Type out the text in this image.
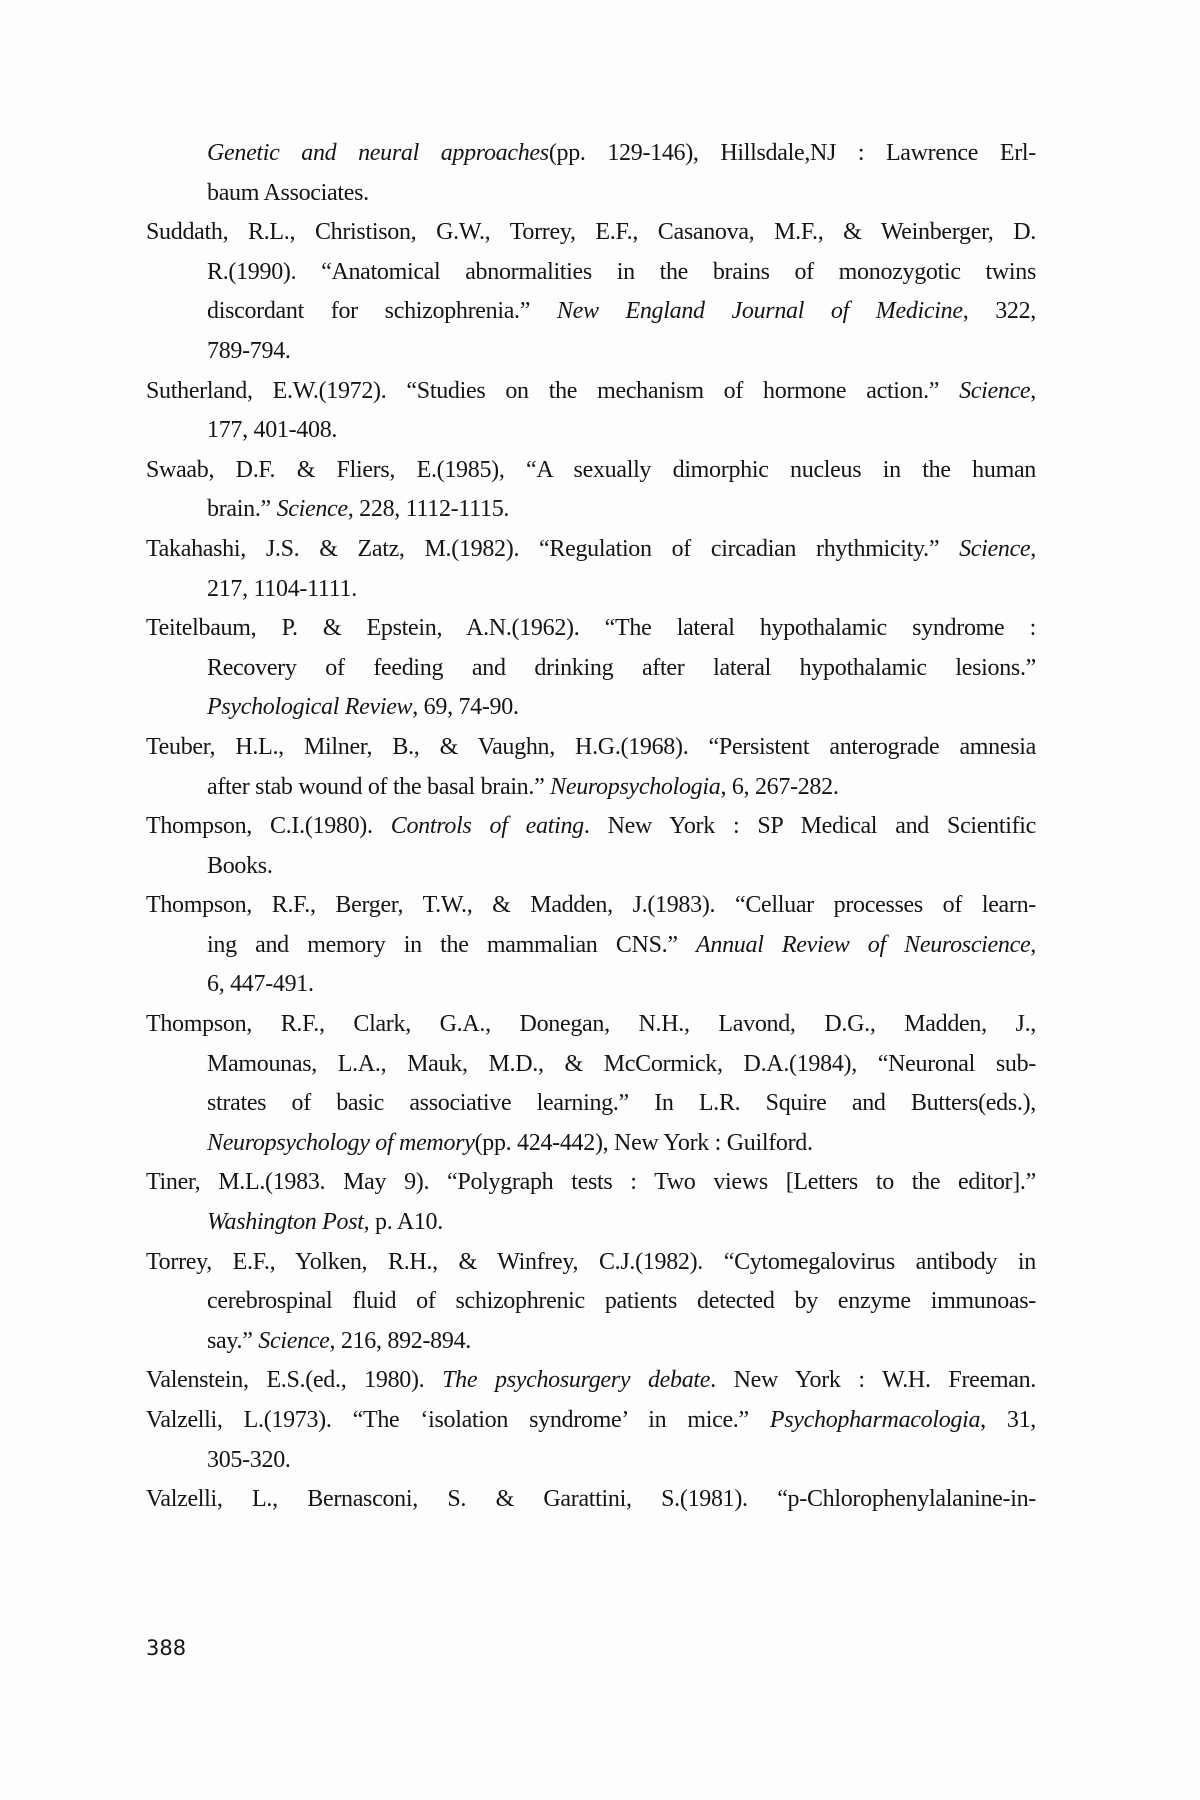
Genetic and neural approaches(pp. 129-146), Hillsdale,NJ : Lawrence Erl-
baum Associates.
Suddath, R.L., Christison, G.W., Torrey, E.F., Casanova, M.F., & Weinberger, D.
R.(1990). “Anatomical abnormalities in the brains of monozygotic twins
discordant for schizophrenia.” New England Journal of Medicine, 322,
789-794.
Sutherland, E.W.(1972). “Studies on the mechanism of hormone action.” Science,
177, 401-408.
Swaab, D.F. & Fliers, E.(1985), “A sexually dimorphic nucleus in the human
brain.” Science, 228, 1112-1115.
Takahashi, J.S. & Zatz, M.(1982). “Regulation of circadian rhythmicity.” Science,
217, 1104-1111.
Teitelbaum, P. & Epstein, A.N.(1962). “The lateral hypothalamic syndrome :
Recovery of feeding and drinking after lateral hypothalamic lesions.”
Psychological Review, 69, 74-90.
Teuber, H.L., Milner, B., & Vaughn, H.G.(1968). “Persistent anterograde amnesia
after stab wound of the basal brain.” Neuropsychologia, 6, 267-282.
Thompson, C.I.(1980). Controls of eating. New York : SP Medical and Scientific
Books.
Thompson, R.F., Berger, T.W., & Madden, J.(1983). “Celluar processes of learn-
ing and memory in the mammalian CNS.” Annual Review of Neuroscience,
6, 447-491.
Thompson, R.F., Clark, G.A., Donegan, N.H., Lavond, D.G., Madden, J.,
Mamounas, L.A., Mauk, M.D., & McCormick, D.A.(1984), “Neuronal sub-
strates of basic associative learning.” In L.R. Squire and Butters(eds.),
Neuropsychology of memory(pp. 424-442), New York : Guilford.
Tiner, M.L.(1983. May 9). “Polygraph tests : Two views [Letters to the editor].”
Washington Post, p. A10.
Torrey, E.F., Yolken, R.H., & Winfrey, C.J.(1982). “Cytomegalovirus antibody in
cerebrospinal fluid of schizophrenic patients detected by enzyme immunoas-
say.” Science, 216, 892-894.
Valenstein, E.S.(ed., 1980). The psychosurgery debate. New York : W.H. Freeman.
Valzelli, L.(1973). “The ‘isolation syndrome’ in mice.” Psychopharmacologia, 31,
305-320.
Valzelli, L., Bernasconi, S. & Garattini, S.(1981). “p-Chlorophenylalanine-in-
388
